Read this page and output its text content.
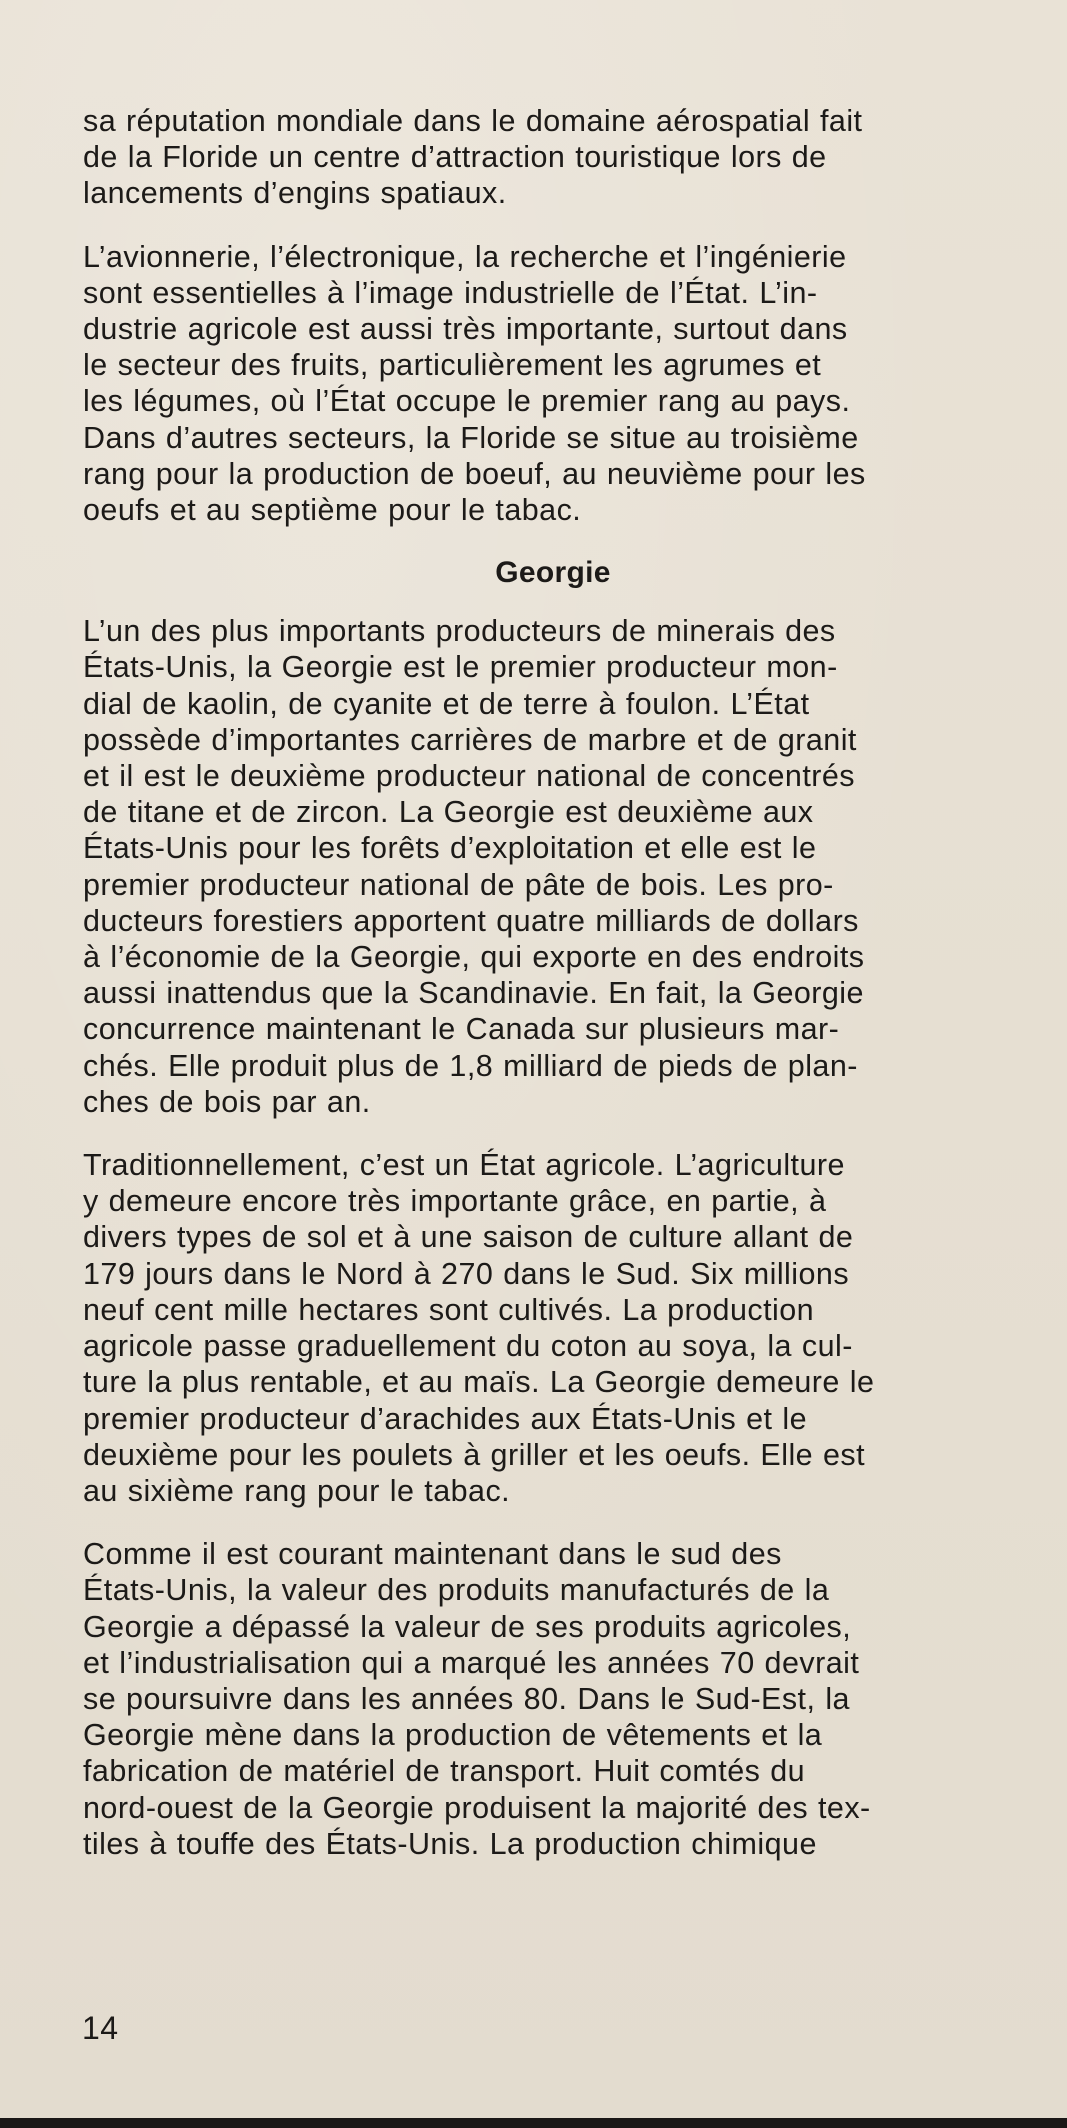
sa réputation mondiale dans le domaine aérospatial fait
de la Floride un centre d’attraction touristique lors de
lancements d’engins spatiaux.

L’avionnerie, l’électronique, la recherche et l’ingénierie
sont essentielles à l’image industrielle de l’État. L’in-
dustrie agricole est aussi très importante, surtout dans
le secteur des fruits, particulièrement les agrumes et
les légumes, où l’État occupe le premier rang au pays.
Dans d’autres secteurs, la Floride se situe au troisième
rang pour la production de boeuf, au neuvième pour les
oeufs et au septième pour le tabac.

Georgie

L’un des plus importants producteurs de minerais des
États-Unis, la Georgie est le premier producteur mon-
dial de kaolin, de cyanite et de terre à foulon. L’État
possède d’importantes carrières de marbre et de granit
et il est le deuxième producteur national de concentrés
de titane et de zircon. La Georgie est deuxième aux
États-Unis pour les forêts d’exploitation et elle est le
premier producteur national de pâte de bois. Les pro-
ducteurs forestiers apportent quatre milliards de dollars
à l’économie de la Georgie, qui exporte en des endroits
aussi inattendus que la Scandinavie. En fait, la Georgie
concurrence maintenant le Canada sur plusieurs mar-
chés. Elle produit plus de 1,8 milliard de pieds de plan-
ches de bois par an.

Traditionnellement, c’est un État agricole. L’agriculture
y demeure encore très importante grâce, en partie, à
divers types de sol et à une saison de culture allant de
179 jours dans le Nord à 270 dans le Sud. Six millions
neuf cent mille hectares sont cultivés. La production
agricole passe graduellement du coton au soya, la cul-
ture la plus rentable, et au maïs. La Georgie demeure le
premier producteur d’arachides aux États-Unis et le
deuxième pour les poulets à griller et les oeufs. Elle est
au sixième rang pour le tabac.

Comme il est courant maintenant dans le sud des
États-Unis, la valeur des produits manufacturés de la
Georgie a dépassé la valeur de ses produits agricoles,
et l’industrialisation qui a marqué les années 70 devrait
se poursuivre dans les années 80. Dans le Sud-Est, la
Georgie mène dans la production de vêtements et la
fabrication de matériel de transport. Huit comtés du
nord-ouest de la Georgie produisent la majorité des tex-
tiles à touffe des États-Unis. La production chimique

14
